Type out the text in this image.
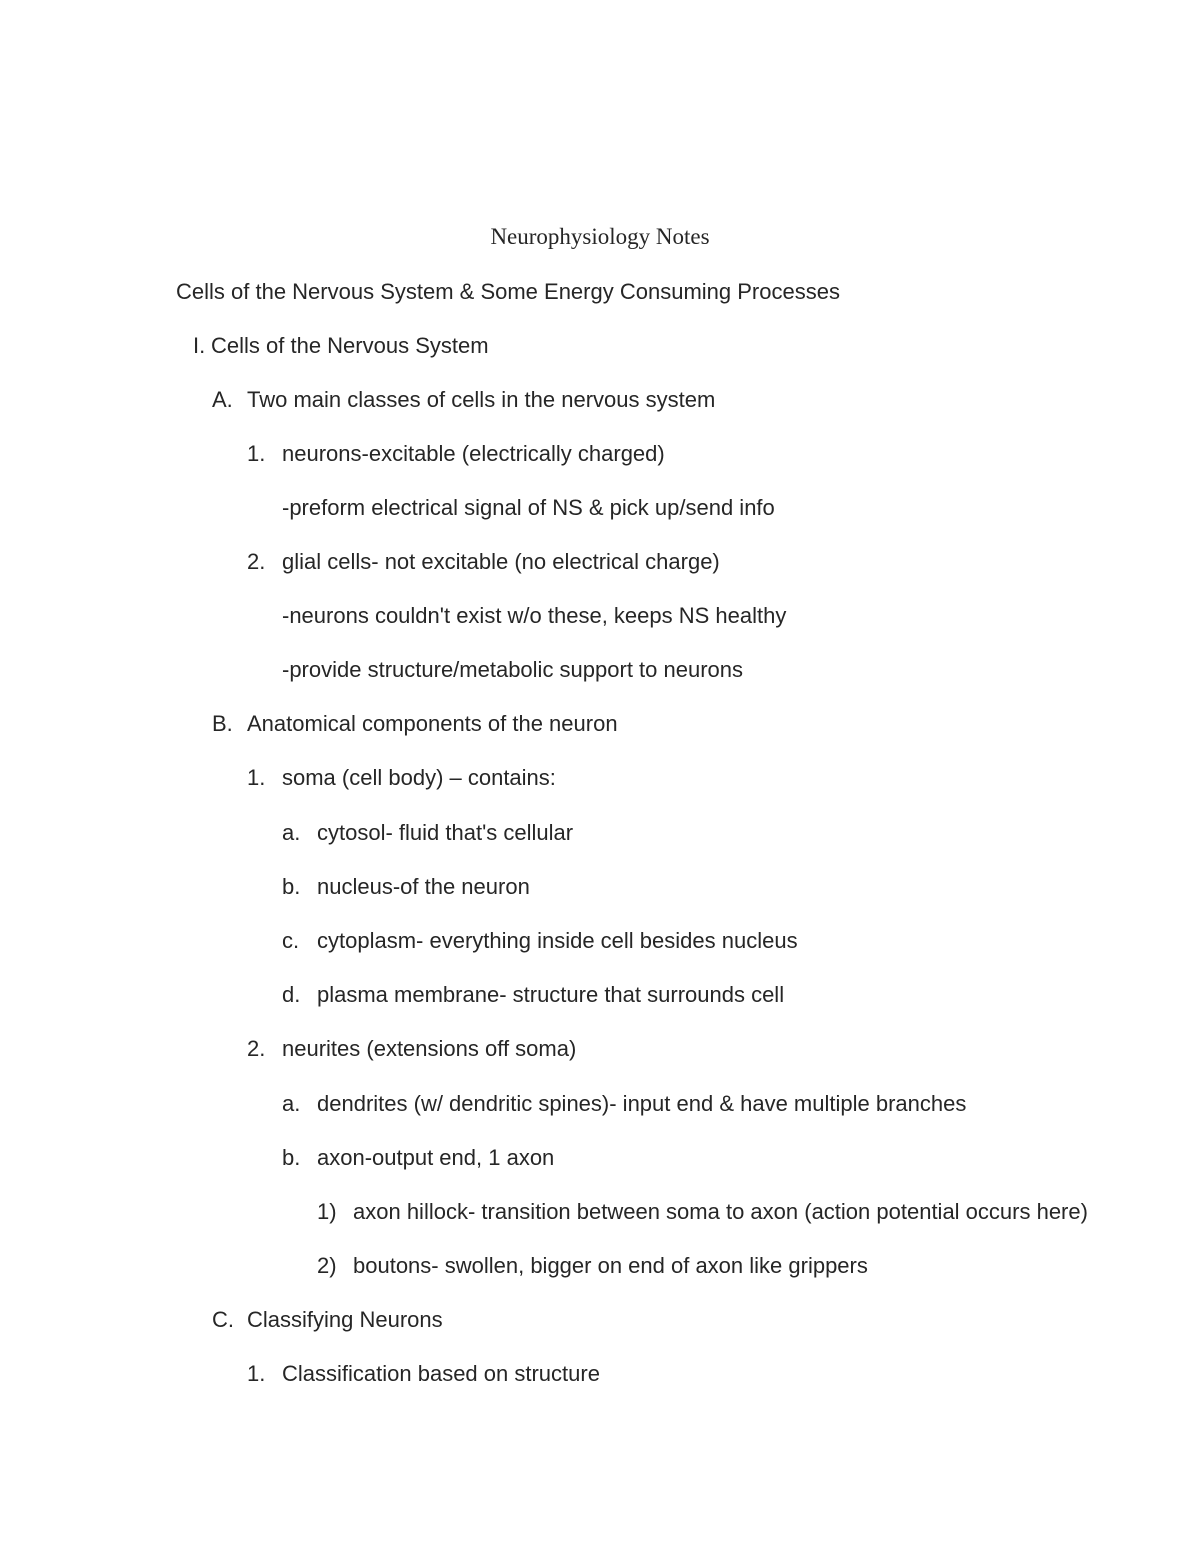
Neurophysiology Notes
Cells of the Nervous System & Some Energy Consuming Processes
I. Cells of the Nervous System
A. Two main classes of cells in the nervous system
1. neurons-excitable (electrically charged)
-preform electrical signal of NS & pick up/send info
2. glial cells- not excitable (no electrical charge)
-neurons couldn't exist w/o these, keeps NS healthy
-provide structure/metabolic support to neurons
B. Anatomical components of the neuron
1. soma (cell body) – contains:
a. cytosol- fluid that's cellular
b. nucleus-of the neuron
c. cytoplasm- everything inside cell besides nucleus
d. plasma membrane- structure that surrounds cell
2. neurites (extensions off soma)
a. dendrites (w/ dendritic spines)- input end & have multiple branches
b. axon-output end, 1 axon
1) axon hillock- transition between soma to axon (action potential occurs here)
2) boutons- swollen, bigger on end of axon like grippers
C. Classifying Neurons
1. Classification based on structure
